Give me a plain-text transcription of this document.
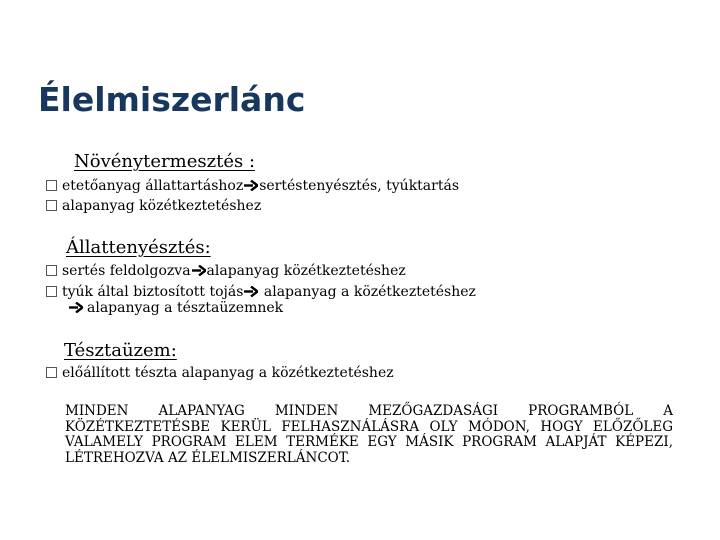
Élelmiszerlánc
Növénytermesztés :
etetőanyag állattartáshoz sertéstenyésztés, tyúktartás
alapanyag közétkeztetéshez
Állattenyésztés:
sertés feldolgozva alapanyag közétkeztetéshez
tyúk által biztosított tojás alapanyag a közétkeztetéshez
alapanyag a tésztaüzemnek
Tésztaüzem:
előállított tészta alapanyag a közétkeztetéshez
MINDEN ALAPANYAG MINDEN MEZŐGAZDASÁGI PROGRAMBÓL A KÖZÉTKEZTETÉSBE KERÜL FELHASZNÁLÁSRA OLY MÓDON, HOGY ELŐZŐLEG VALAMELY PROGRAM ELEM TERMÉKE EGY MÁSIK PROGRAM ALAPJÁT KÉPEZI, LÉTREHOZVA AZ ÉLELMISZERLÁNCOT.
